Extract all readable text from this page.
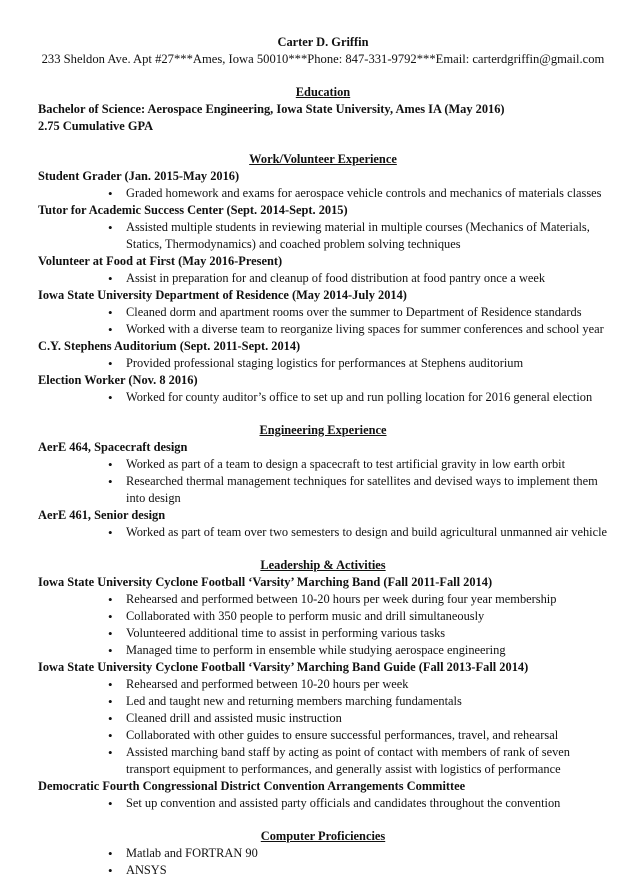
Carter D. Griffin
233 Sheldon Ave. Apt #27***Ames, Iowa 50010***Phone: 847-331-9792***Email: carterdgriffin@gmail.com
Education
Bachelor of Science: Aerospace Engineering, Iowa State University, Ames IA (May 2016)
2.75 Cumulative GPA
Work/Volunteer Experience
Student Grader (Jan. 2015-May 2016)
• Graded homework and exams for aerospace vehicle controls and mechanics of materials classes
Tutor for Academic Success Center (Sept. 2014-Sept. 2015)
• Assisted multiple students in reviewing material in multiple courses (Mechanics of Materials, Statics, Thermodynamics) and coached problem solving techniques
Volunteer at Food at First (May 2016-Present)
• Assist in preparation for and cleanup of food distribution at food pantry once a week
Iowa State University Department of Residence (May 2014-July 2014)
• Cleaned dorm and apartment rooms over the summer to Department of Residence standards
• Worked with a diverse team to reorganize living spaces for summer conferences and school year
C.Y. Stephens Auditorium (Sept. 2011-Sept. 2014)
• Provided professional staging logistics for performances at Stephens auditorium
Election Worker (Nov. 8 2016)
• Worked for county auditor’s office to set up and run polling location for 2016 general election
Engineering Experience
AerE 464, Spacecraft design
• Worked as part of a team to design a spacecraft to test artificial gravity in low earth orbit
• Researched thermal management techniques for satellites and devised ways to implement them into design
AerE 461, Senior design
• Worked as part of team over two semesters to design and build agricultural unmanned air vehicle
Leadership & Activities
Iowa State University Cyclone Football ‘Varsity’ Marching Band (Fall 2011-Fall 2014)
• Rehearsed and performed between 10-20 hours per week during four year membership
• Collaborated with 350 people to perform music and drill simultaneously
• Volunteered additional time to assist in performing various tasks
• Managed time to perform in ensemble while studying aerospace engineering
Iowa State University Cyclone Football ‘Varsity’ Marching Band Guide (Fall 2013-Fall 2014)
• Rehearsed and performed between 10-20 hours per week
• Led and taught new and returning members marching fundamentals
• Cleaned drill and assisted music instruction
• Collaborated with other guides to ensure successful performances, travel, and rehearsal
• Assisted marching band staff by acting as point of contact with members of rank of seven transport equipment to performances, and generally assist with logistics of performance
Democratic Fourth Congressional District Convention Arrangements Committee
• Set up convention and assisted party officials and candidates throughout the convention
Computer Proficiencies
• Matlab and FORTRAN 90
• ANSYS
